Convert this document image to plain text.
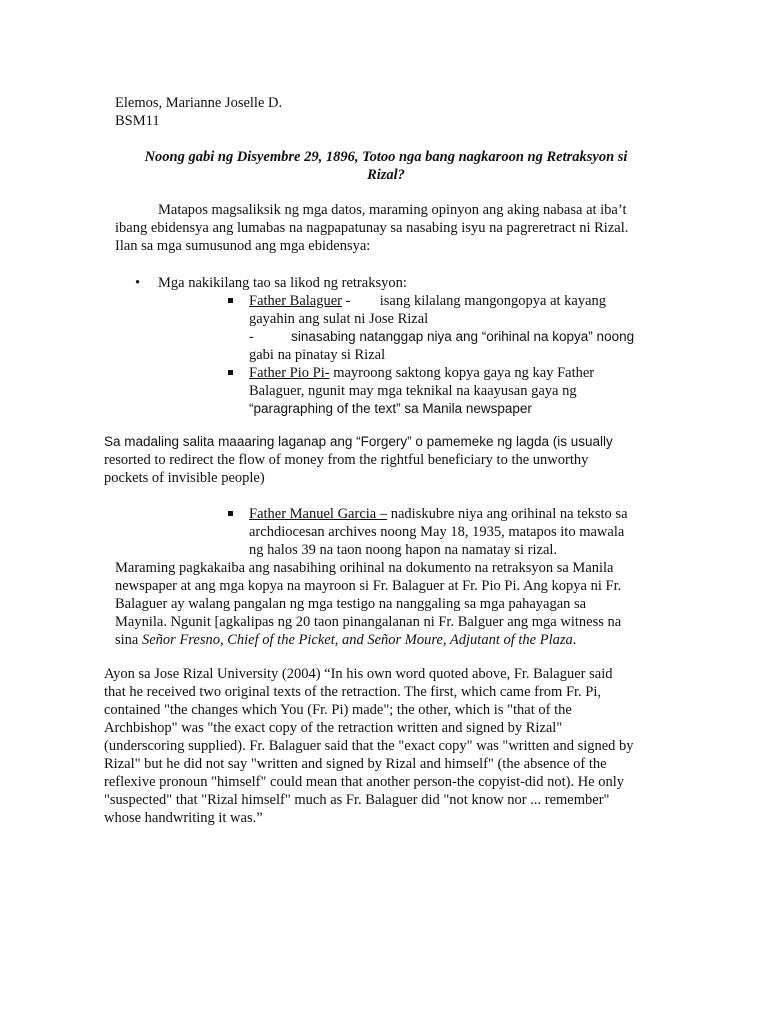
Elemos, Marianne Joselle D.
BSM11
Noong gabi ng Disyembre 29, 1896, Totoo nga bang nagkaroon ng Retraksyon si
Rizal?
Matapos magsaliksik ng mga datos, maraming opinyon ang aking nabasa at iba’t
ibang ebidensya ang lumabas na nagpapatunay sa nasabing isyu na pagreretract ni Rizal.
Ilan sa mga sumusunod ang mga ebidensya:
• Mga nakikilang tao sa likod ng retraksyon:
Father Balaguer - isang kilalang mangongopya at kayang
gayahin ang sulat ni Jose Rizal
-	sinasabing natanggap niya ang “orihinal na kopya” noong
gabi na pinatay si Rizal
Father Pio Pi- mayroong saktong kopya gaya ng kay Father
Balaguer, ngunit may mga teknikal na kaayusan gaya ng
“paragraphing of the text” sa Manila newspaper
Sa madaling salita maaaring laganap ang “Forgery” o pamemeke ng lagda (is usually
resorted to redirect the flow of money from the rightful beneficiary to the unworthy
pockets of invisible people)
Father Manuel Garcia – nadiskubre niya ang orihinal na teksto sa
archdiocesan archives noong May 18, 1935, matapos ito mawala
ng halos 39 na taon noong hapon na namatay si rizal.
Maraming pagkakaiba ang nasabihing orihinal na dokumento na retraksyon sa Manila
newspaper at ang mga kopya na mayroon si Fr. Balaguer at Fr. Pio Pi. Ang kopya ni Fr.
Balaguer ay walang pangalan ng mga testigo na nanggaling sa mga pahayagan sa
Maynila. Ngunit [agkalipas ng 20 taon pinangalanan ni Fr. Balguer ang mga witness na
sina Señor Fresno, Chief of the Picket, and Señor Moure, Adjutant of the Plaza.
Ayon sa Jose Rizal University (2004) “In his own word quoted above, Fr. Balaguer said
that he received two original texts of the retraction. The first, which came from Fr. Pi,
contained "the changes which You (Fr. Pi) made"; the other, which is "that of the
Archbishop" was "the exact copy of the retraction written and signed by Rizal"
(underscoring supplied). Fr. Balaguer said that the "exact copy" was "written and signed by
Rizal" but he did not say "written and signed by Rizal and himself" (the absence of the
reflexive pronoun "himself" could mean that another person-the copyist-did not). He only
"suspected" that "Rizal himself" much as Fr. Balaguer did "not know nor ... remember"
whose handwriting it was.”
